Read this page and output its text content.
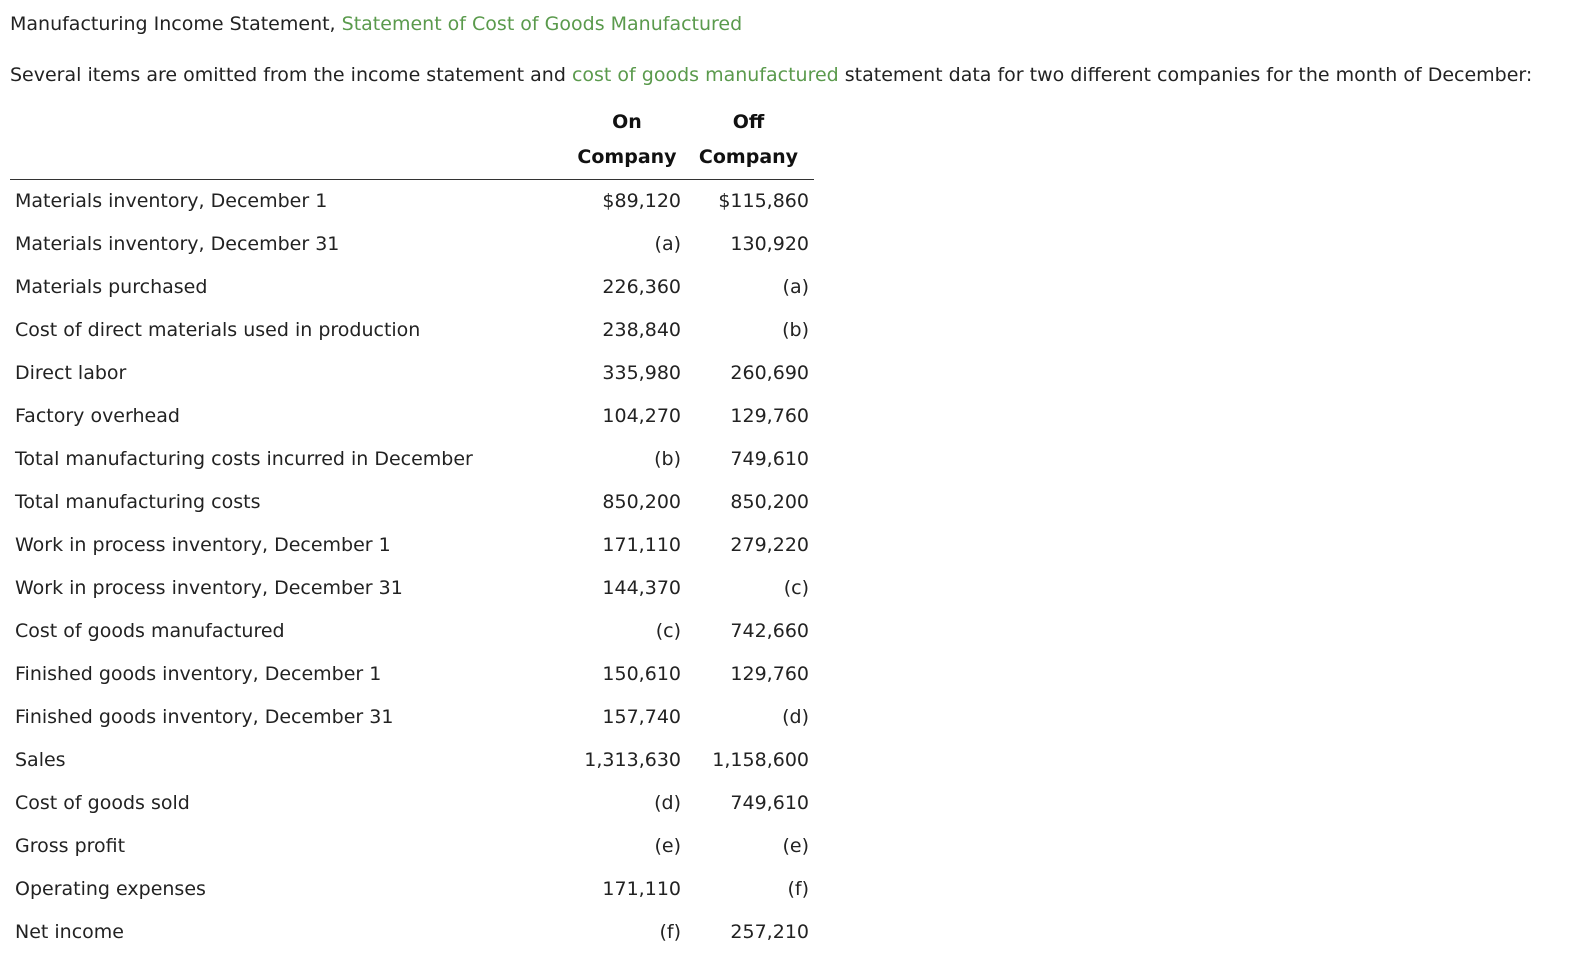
Manufacturing Income Statement, Statement of Cost of Goods Manufactured
Several items are omitted from the income statement and cost of goods manufactured statement data for two different companies for the month of December:
	On	Off
	Company	Company
Materials inventory, December 1	$89,120	$115,860
Materials inventory, December 31	(a)	130,920
Materials purchased	226,360	(a)
Cost of direct materials used in production	238,840	(b)
Direct labor	335,980	260,690
Factory overhead	104,270	129,760
Total manufacturing costs incurred in December	(b)	749,610
Total manufacturing costs	850,200	850,200
Work in process inventory, December 1	171,110	279,220
Work in process inventory, December 31	144,370	(c)
Cost of goods manufactured	(c)	742,660
Finished goods inventory, December 1	150,610	129,760
Finished goods inventory, December 31	157,740	(d)
Sales	1,313,630	1,158,600
Cost of goods sold	(d)	749,610
Gross profit	(e)	(e)
Operating expenses	171,110	(f)
Net income	(f)	257,210
